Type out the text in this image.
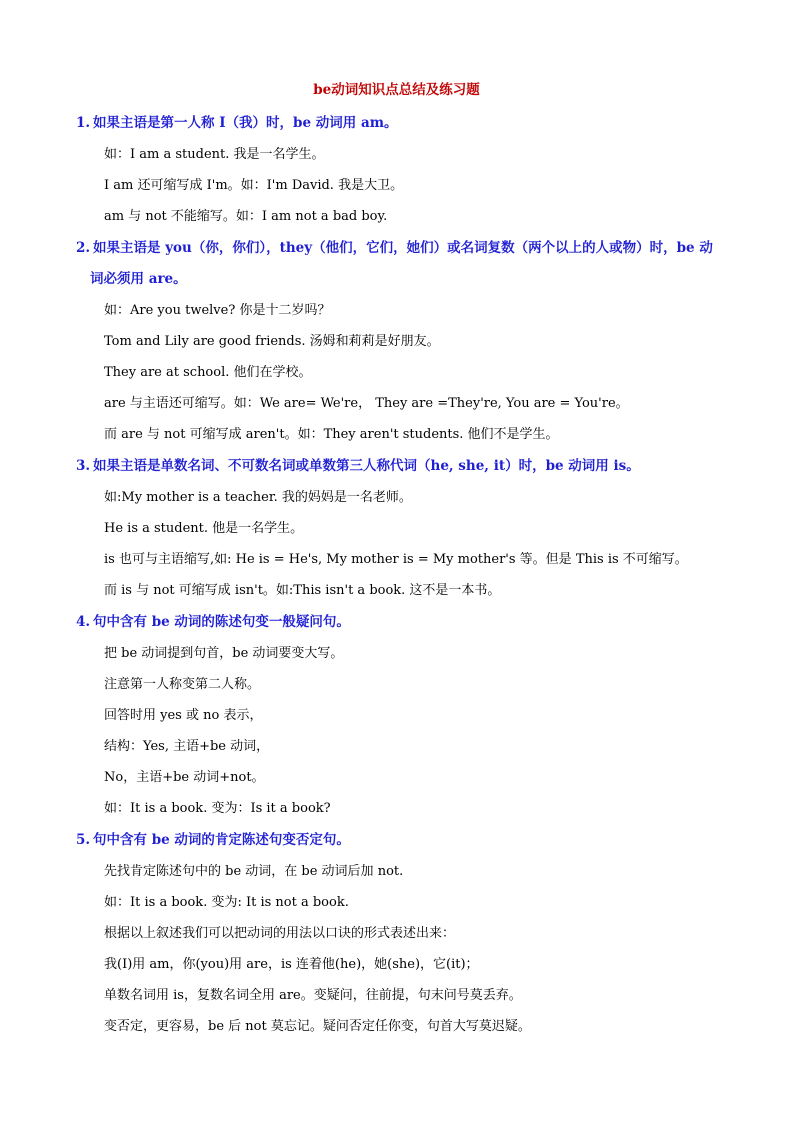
be动词知识点总结及练习题
1. 如果主语是第一人称 I（我）时，be 动词用 am。
如：I am a student. 我是一名学生。
I am 还可缩写成 I'm。如：I'm David. 我是大卫。
am 与 not 不能缩写。如：I am not a bad boy.
2. 如果主语是 you（你，你们），they（他们，它们，她们）或名词复数（两个以上的人或物）时，be 动
词必须用 are。
如：Are you twelve? 你是十二岁吗？
Tom and Lily are good friends. 汤姆和莉莉是好朋友。
They are at school. 他们在学校。
are 与主语还可缩写。如：We are= We're， They are =They're, You are = You're。
而 are 与 not 可缩写成 aren't。如：They aren't students. 他们不是学生。
3. 如果主语是单数名词、不可数名词或单数第三人称代词（he, she, it）时，be 动词用 is。
如:My mother is a teacher. 我的妈妈是一名老师。
He is a student. 他是一名学生。
is 也可与主语缩写,如: He is = He's, My mother is = My mother's 等。但是 This is 不可缩写。
而 is 与 not 可缩写成 isn't。如:This isn't a book. 这不是一本书。
4. 句中含有 be 动词的陈述句变一般疑问句。
把 be 动词提到句首，be 动词要变大写。
注意第一人称变第二人称。
回答时用 yes 或 no 表示，
结构：Yes, 主语+be 动词，
No，主语+be 动词+not。
如：It is a book. 变为：Is it a book?
5. 句中含有 be 动词的肯定陈述句变否定句。
先找肯定陈述句中的 be 动词，在 be 动词后加 not.
如：It is a book. 变为: It is not a book.
根据以上叙述我们可以把动词的用法以口诀的形式表述出来：
我(I)用 am，你(you)用 are，is 连着他(he)，她(she)，它(it)；
单数名词用 is，复数名词全用 are。变疑问，往前提，句末问号莫丢弃。
变否定，更容易，be 后 not 莫忘记。疑问否定任你变，句首大写莫迟疑。
